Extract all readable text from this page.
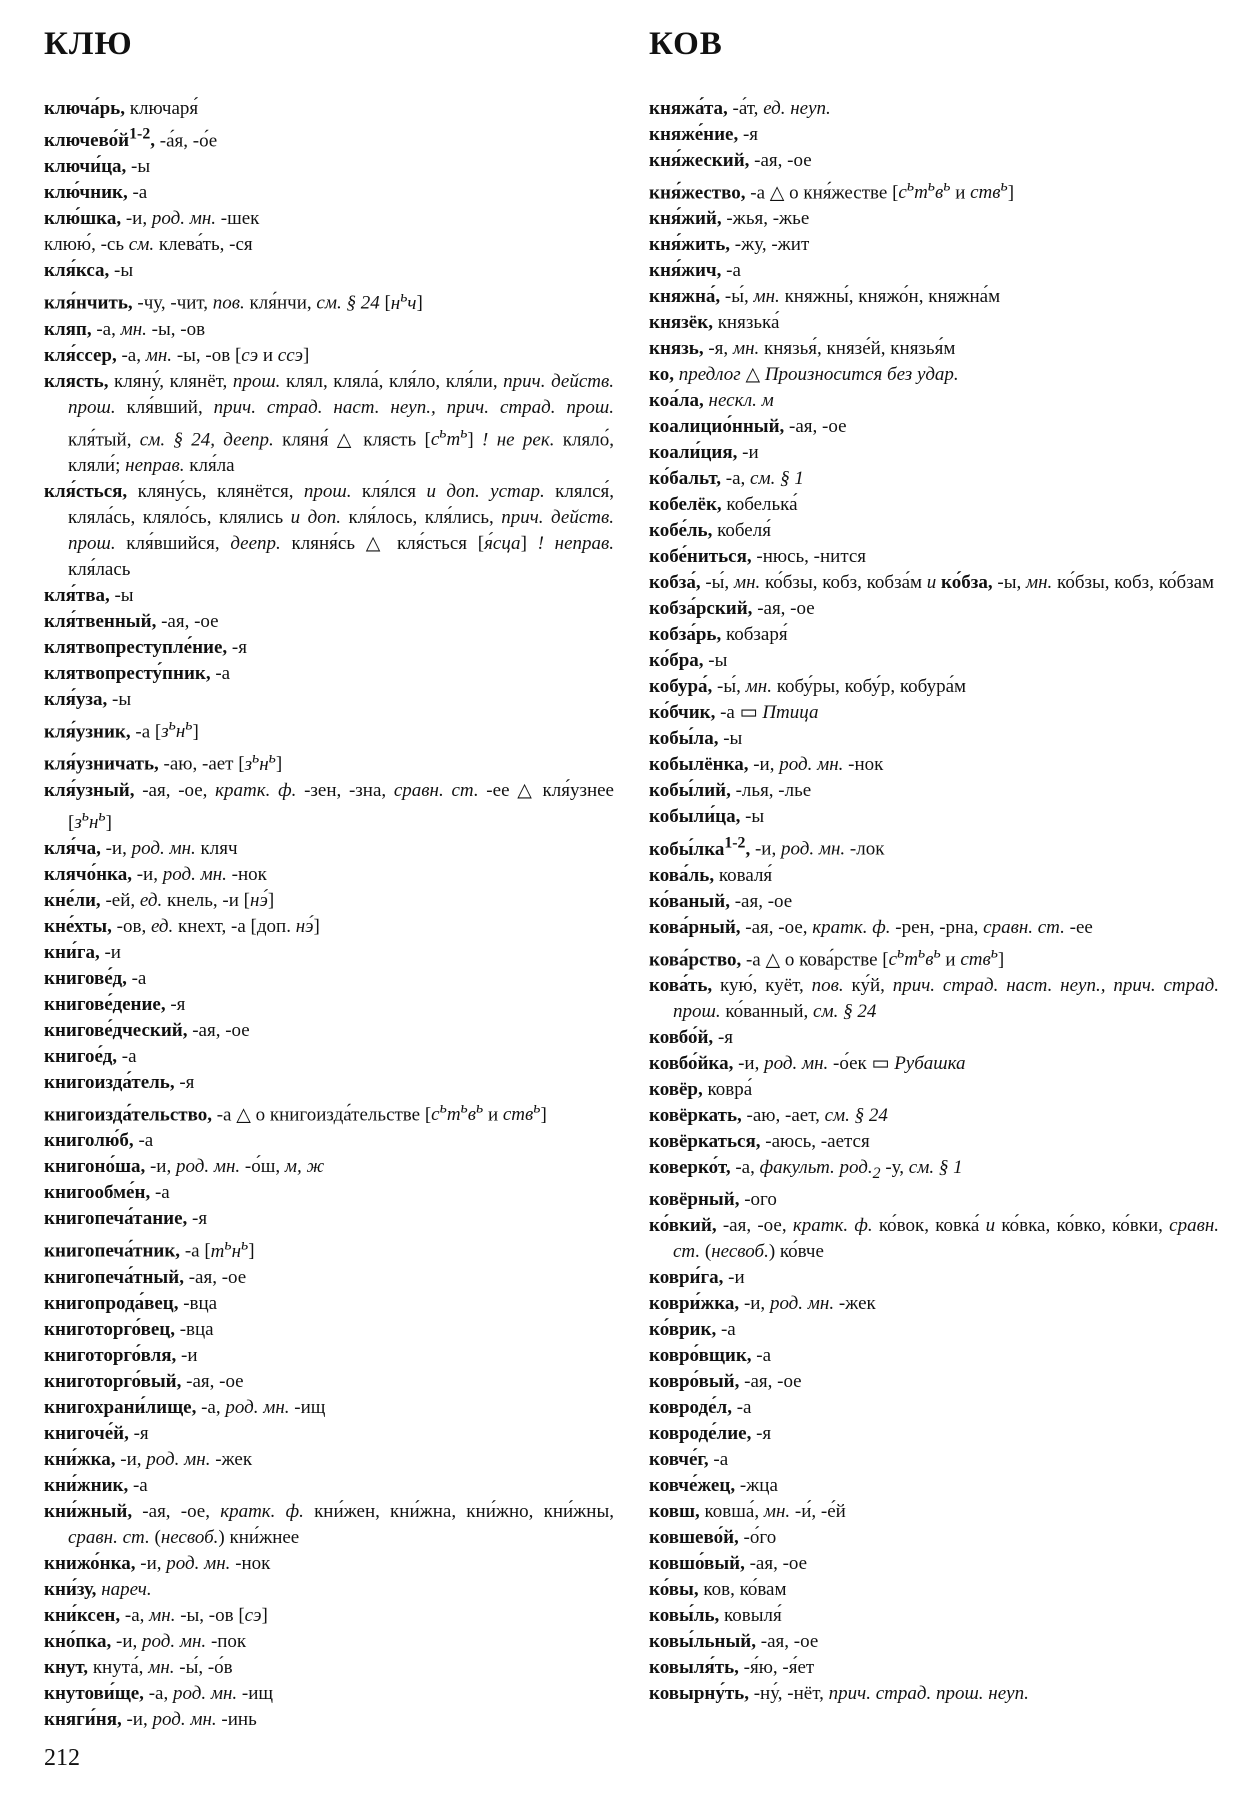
КЛЮ	КОВ
ключа́рь, ключаря́
$ключево́й^{1-2}$, -а́я, -о́е
ключи́ца, -ы
клю́чник, -а
клю́шка, -и, род. мн. -шек
клюю́, -сь см. клева́ть, -ся
кля́кса, -ы
кля́нчить, -чу, -чит, пов. кля́нчи, см. § 24 $[н^ьч]$
кляп, -а, мн. -ы, -ов
кля́ссер, -а, мн. -ы, -ов [сэ и ссэ]
клясть, кляну́, клянёт, прош. клял, кляла́, кля́ло, кля́ли, прич. действ. прош. кля́вший, прич. страд. наст. неуп., прич. страд. прош. кля́тый, см. § 24, деепр. кляня́ △ клясть $[с^ьт^ь]$ ! не рек. кляло́, кляли́; неправ. кля́ла
кля́сться, кляну́сь, клянётся, прош. кля́лся и доп. устар. клялся́, кляла́сь, кляло́сь, клялись и доп. кля́лось, кля́лись, прич. действ. прош. кля́вшийся, деепр. кляня́сь △ кля́сться [я́сца] ! неправ. кля́лась
кля́тва, -ы
кля́твенный, -ая, -ое
клятвопреступле́ние, -я
клятвопресту́пник, -а
кля́уза, -ы
кля́узник, -а $[з^ьн^ь]$
кля́узничать, -аю, -ает $[з^ьн^ь]$
кля́узный, -ая, -ое, кратк. ф. -зен, -зна, сравн. ст. -ее △ кля́узнее $[з^ьн^ь]$
кля́ча, -и, род. мн. кляч
клячо́нка, -и, род. мн. -нок
кне́ли, -ей, ед. кнель, -и [нэ́]
кне́хты, -ов, ед. кнехт, -а [доп. нэ́]
кни́га, -и
книгове́д, -а
книгове́дение, -я
книгове́дческий, -ая, -ое
книгое́д, -а
книгоизда́тель, -я
книгоизда́тельство, -а △ о книгоизда́тельстве [$с^ьт^ьв^ь$ и ств$^ь$]
книголю́б, -а
книгоно́ша, -и, род. мн. -о́ш, м, ж
книгообме́н, -а
книгопеча́тание, -я
книгопеча́тник, -а $[т^ьн^ь]$
книгопеча́тный, -ая, -ое
книгопрода́вец, -вца
книготорго́вец, -вца
книготорго́вля, -и
книготорго́вый, -ая, -ое
книгохрани́лище, -а, род. мн. -ищ
книгоче́й, -я
кни́жка, -и, род. мн. -жек
кни́жник, -а
кни́жный, -ая, -ое, кратк. ф. кни́жен, кни́жна, кни́жно, кни́жны, сравн. ст. (несвоб.) кни́жнее
книжо́нка, -и, род. мн. -нок
кни́зу, нареч.
кни́ксен, -а, мн. -ы, -ов [сэ]
кно́пка, -и, род. мн. -пок
кнут, кнута́, мн. -ы́, -о́в
кнутови́ще, -а, род. мн. -ищ
княги́ня, -и, род. мн. -инь
княжа́та, -а́т, ед. неуп.
княже́ние, -я
кня́жеский, -ая, -ое
кня́жество, -а △ о кня́жестве [$с^ьт^ьв^ь$ и ств$^ь$]
кня́жий, -жья, -жье
кня́жить, -жу, -жит
кня́жич, -а
княжна́, -ы́, мн. княжны́, княжо́н, княжна́м
князёк, князька́
князь, -я, мн. князья́, князе́й, князья́м
ко, предлог △ Произносится без удар.
коа́ла, нескл. м
коалицио́нный, -ая, -ое
коали́ция, -и
ко́бальт, -а, см. § 1
кобелёк, кобелька́
кобе́ль, кобеля́
кобе́ниться, -нюсь, -нится
кобза́, -ы́, мн. ко́бзы, кобз, кобза́м и ко́бза, -ы, мн. ко́бзы, кобз, ко́бзам
кобза́рский, -ая, -ое
кобза́рь, кобзаря́
ко́бра, -ы
кобура́, -ы́, мн. кобу́ры, кобу́р, кобура́м
ко́бчик, -а ▭ Птица
кобы́ла, -ы
кобылёнка, -и, род. мн. -нок
кобы́лий, -лья, -лье
кобыли́ца, -ы
кобы́лка$^{1-2}$, -и, род. мн. -лок
кова́ль, коваля́
ко́ваный, -ая, -ое
кова́рный, -ая, -ое, кратк. ф. -рен, -рна, сравн. ст. -ее
кова́рство, -а △ о кова́рстве [$с^ьт^ьв^ь$ и ств$^ь$]
кова́ть, кую́, куёт, пов. ку́й, прич. страд. наст. неуп., прич. страд. прош. ко́ванный, см. § 24
ковбо́й, -я
ковбо́йка, -и, род. мн. -о́ек ▭ Рубашка
ковёр, ковра́
ковёркать, -аю, -ает, см. § 24
ковёркаться, -аюсь, -ается
коверко́т, -а, факульт. $род._2$ -у, см. § 1
ковёрный, -ого
ко́вкий, -ая, -ое, кратк. ф. ко́вок, ковка́ и ко́вка, ко́вко, ко́вки, сравн. ст. (несвоб.) ко́вче
коври́га, -и
коври́жка, -и, род. мн. -жек
ко́врик, -а
ковро́вщик, -а
ковро́вый, -ая, -ое
ковроде́л, -а
ковроде́лие, -я
ковче́г, -а
ковче́жец, -жца
ковш, ковша́, мн. -и́, -е́й
ковшево́й, -о́го
ковшо́вый, -ая, -ое
ко́вы, ков, ко́вам
ковы́ль, ковыля́
ковы́льный, -ая, -ое
ковыля́ть, -я́ю, -я́ет
ковырну́ть, -ну́, -нёт, прич. страд. прош. неуп.
212
